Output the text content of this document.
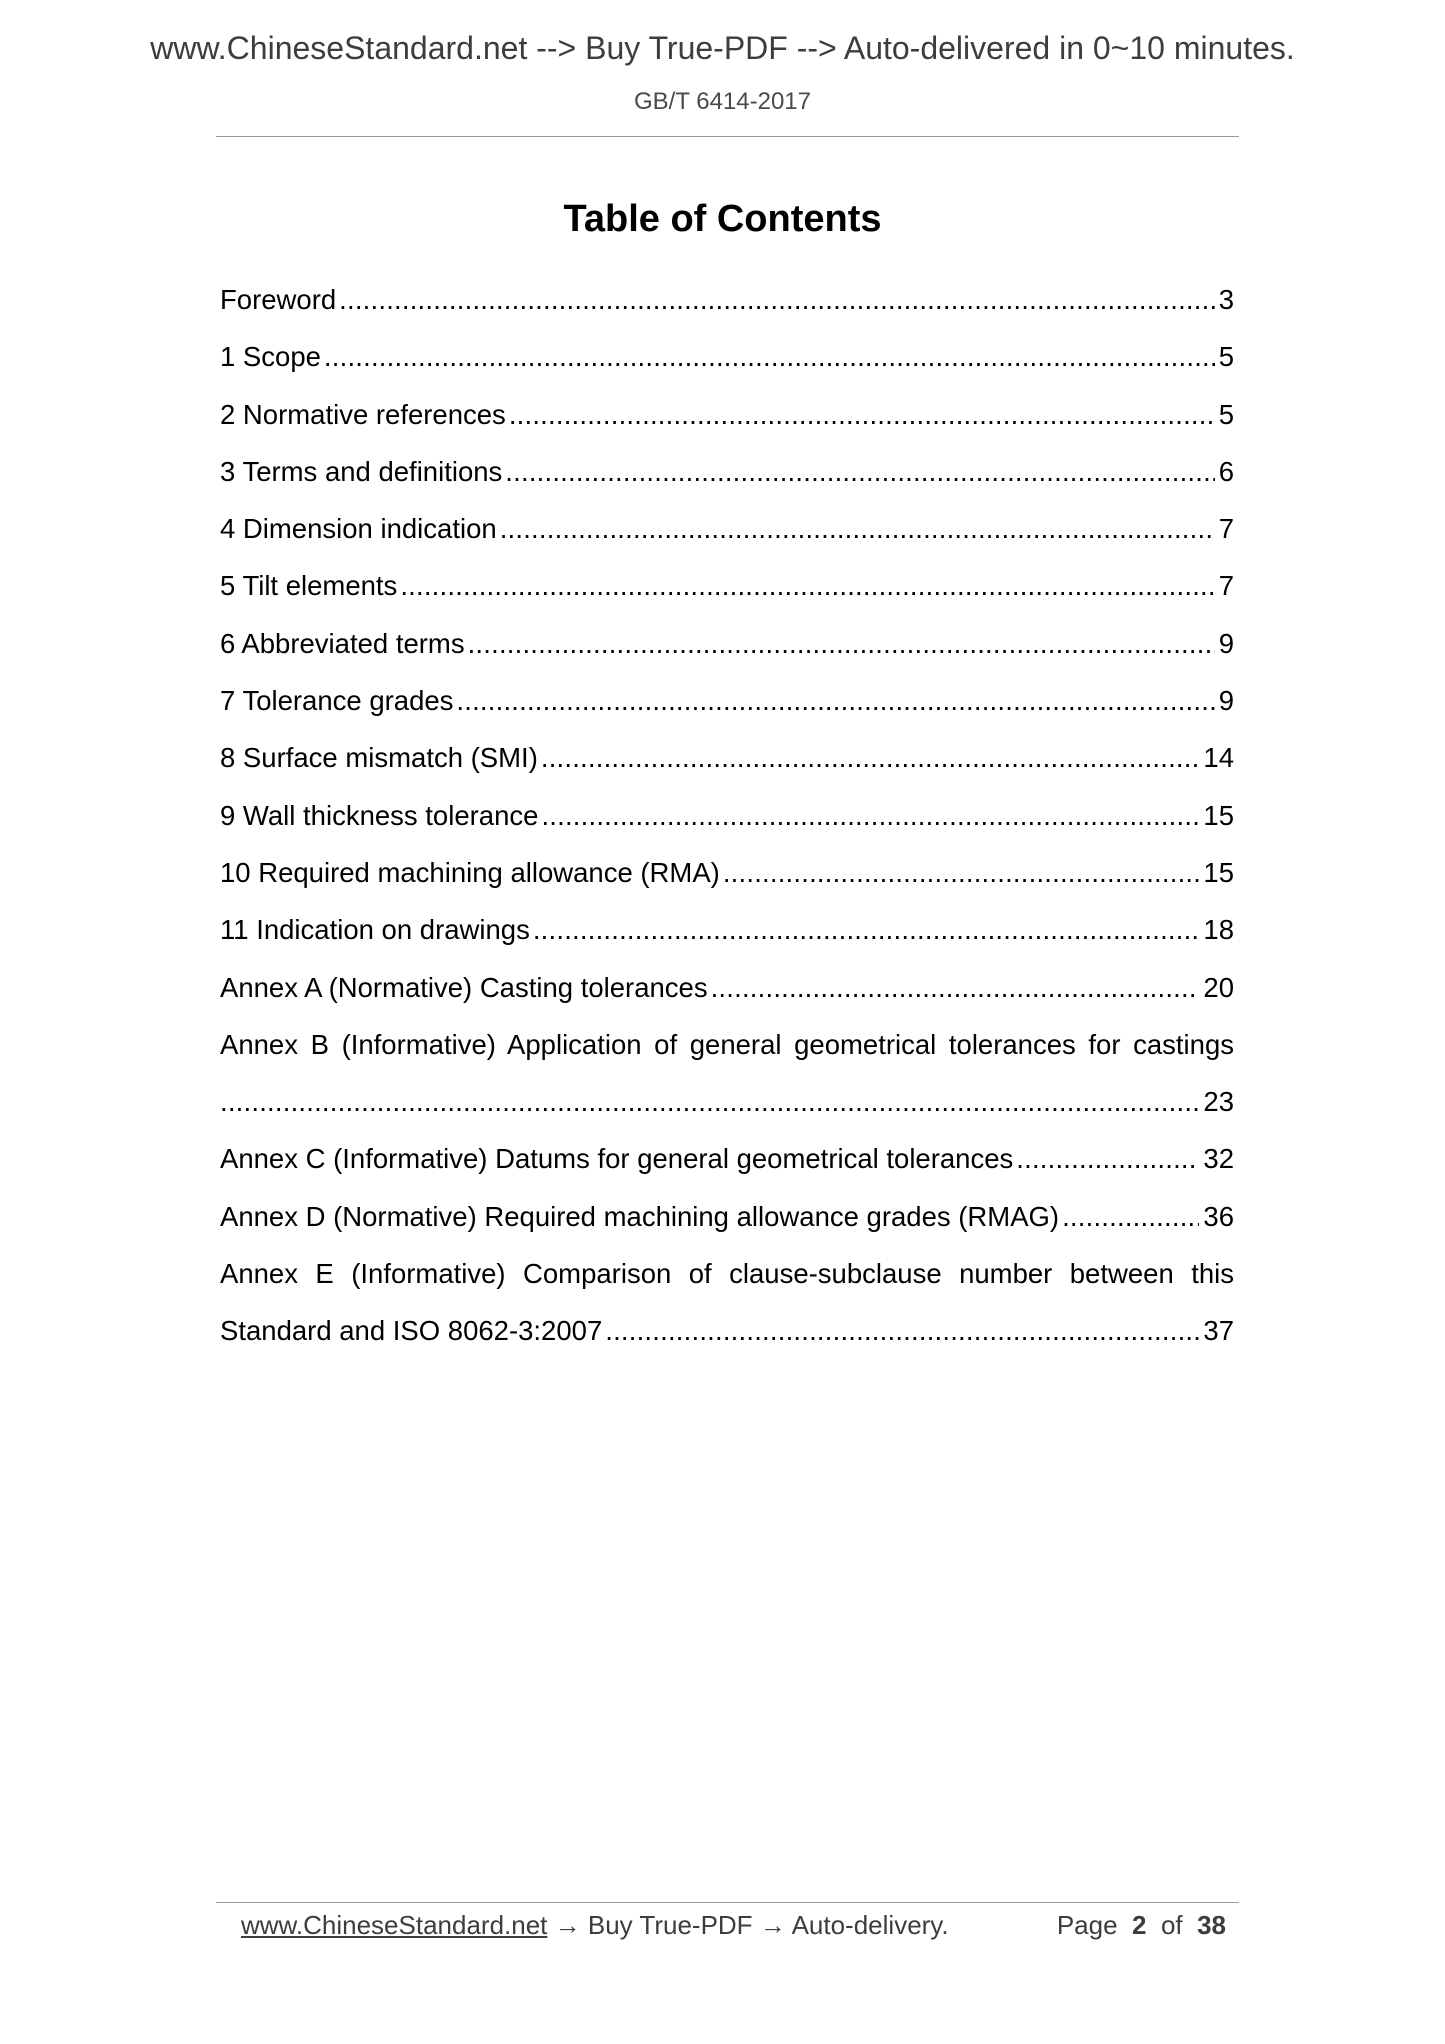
www.ChineseStandard.net --> Buy True-PDF --> Auto-delivered in 0~10 minutes.
GB/T 6414-2017
Table of Contents
Foreword .....	3
1 Scope .....	5
2 Normative references .....	5
3 Terms and definitions .....	6
4 Dimension indication .....	7
5 Tilt elements .....	7
6 Abbreviated terms .....	9
7 Tolerance grades .....	9
8 Surface mismatch (SMI) .....	14
9 Wall thickness tolerance .....	15
10 Required machining allowance (RMA) .....	15
11 Indication on drawings .....	18
Annex A (Normative) Casting tolerances .....	20
Annex B (Informative) Application of general geometrical tolerances for castings
.....
23
Annex C (Informative) Datums for general geometrical tolerances .....	32
Annex D (Normative) Required machining allowance grades (RMAG) .....	36
Annex E (Informative) Comparison of clause-subclause number between this
Standard and ISO 8062-3:2007 .....	37
www.ChineseStandard.net → Buy True-PDF → Auto-delivery.	Page 2 of 38
